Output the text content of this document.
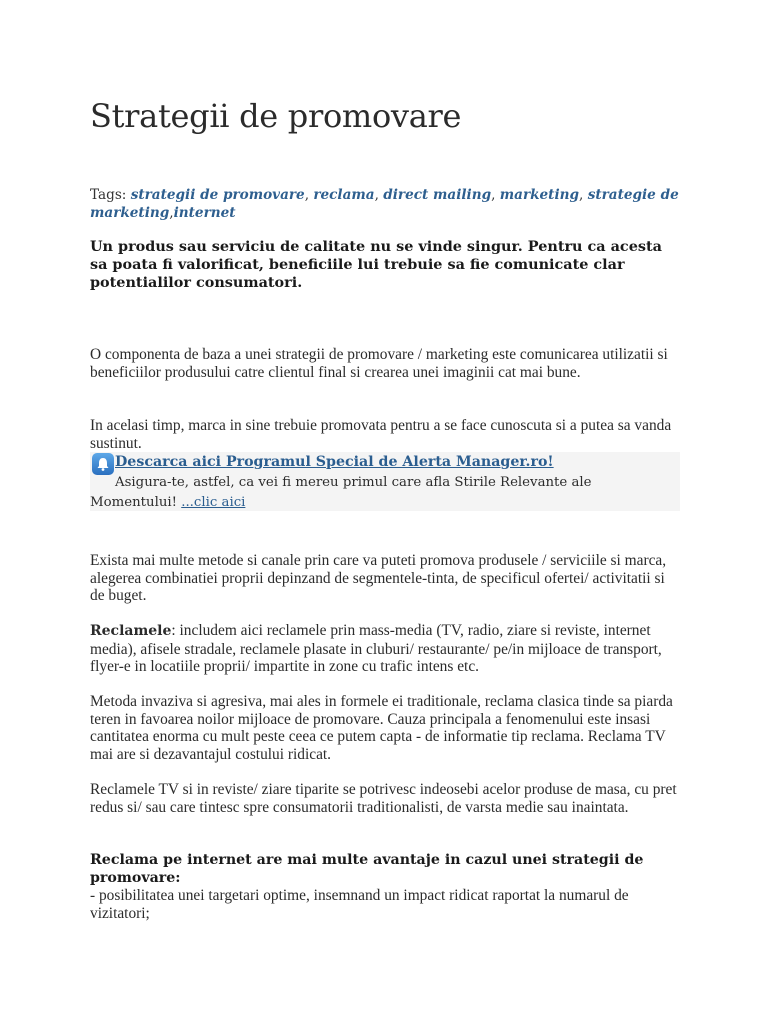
Strategii de promovare
Tags: strategii de promovare, reclama, direct mailing, marketing, strategie de marketing,internet
Un produs sau serviciu de calitate nu se vinde singur. Pentru ca acesta sa poata fi valorificat, beneficiile lui trebuie sa fie comunicate clar potentialilor consumatori.

O componenta de baza a unei strategii de promovare / marketing este comunicarea utilizatii si beneficiilor produsului catre clientul final si crearea unei imaginii cat mai bune.

In acelasi timp, marca in sine trebuie promovata pentru a se face cunoscuta si a putea sa vanda sustinut.

Descarca aici Programul Special de Alerta Manager.ro!
Asigura-te, astfel, ca vei fi mereu primul care afla Stirile Relevante ale Momentului! ...clic aici

Exista mai multe metode si canale prin care va puteti promova produsele / serviciile si marca, alegerea combinatiei proprii depinzand de segmentele-tinta, de specificul ofertei/ activitatii si de buget.

Reclamele: includem aici reclamele prin mass-media (TV, radio, ziare si reviste, internet media), afisele stradale, reclamele plasate in cluburi/ restaurante/ pe/in mijloace de transport, flyer-e in locatiile proprii/ impartite in zone cu trafic intens etc.

Metoda invaziva si agresiva, mai ales in formele ei traditionale, reclama clasica tinde sa piarda teren in favoarea noilor mijloace de promovare. Cauza principala a fenomenului este insasi cantitatea enorma cu mult peste ceea ce putem capta - de informatie tip reclama. Reclama TV mai are si dezavantajul costului ridicat.

Reclamele TV si in reviste/ ziare tiparite se potrivesc indeosebi acelor produse de masa, cu pret redus si/ sau care tintesc spre consumatorii traditionalisti, de varsta medie sau inaintata.

Reclama pe internet are mai multe avantaje in cazul unei strategii de promovare:

- posibilitatea unei targetari optime, insemnand un impact ridicat raportat la numarul de vizitatori;
